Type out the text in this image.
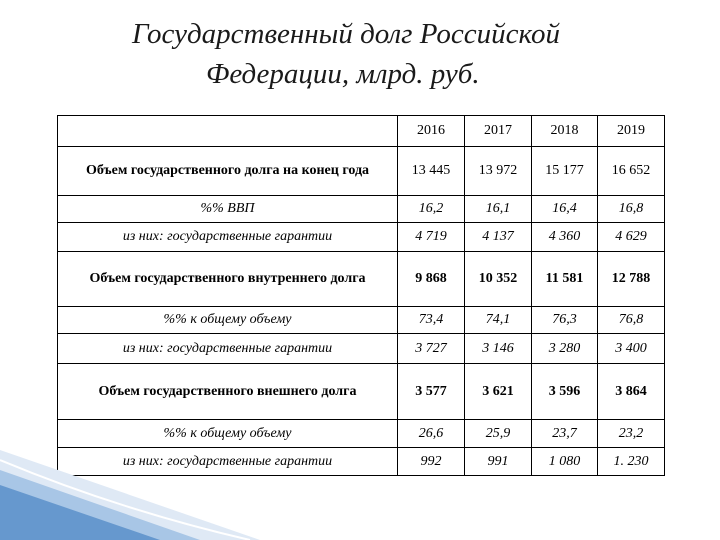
Государственный долг Российской
Федерации, млрд. руб.
	2016	2017	2018	2019
Объем государственного долга на конец года	13 445	13 972	15 177	16 652
%% ВВП	16,2	16,1	16,4	16,8
из них: государственные гарантии	4 719	4 137	4 360	4 629
Объем государственного внутреннего долга	9 868	10 352	11 581	12 788
%% к общему объему	73,4	74,1	76,3	76,8
из них: государственные гарантии	3 727	3 146	3 280	3 400
Объем государственного внешнего долга	3 577	3 621	3 596	3 864
%% к общему объему	26,6	25,9	23,7	23,2
из них: государственные гарантии	992	991	1 080	1. 230
